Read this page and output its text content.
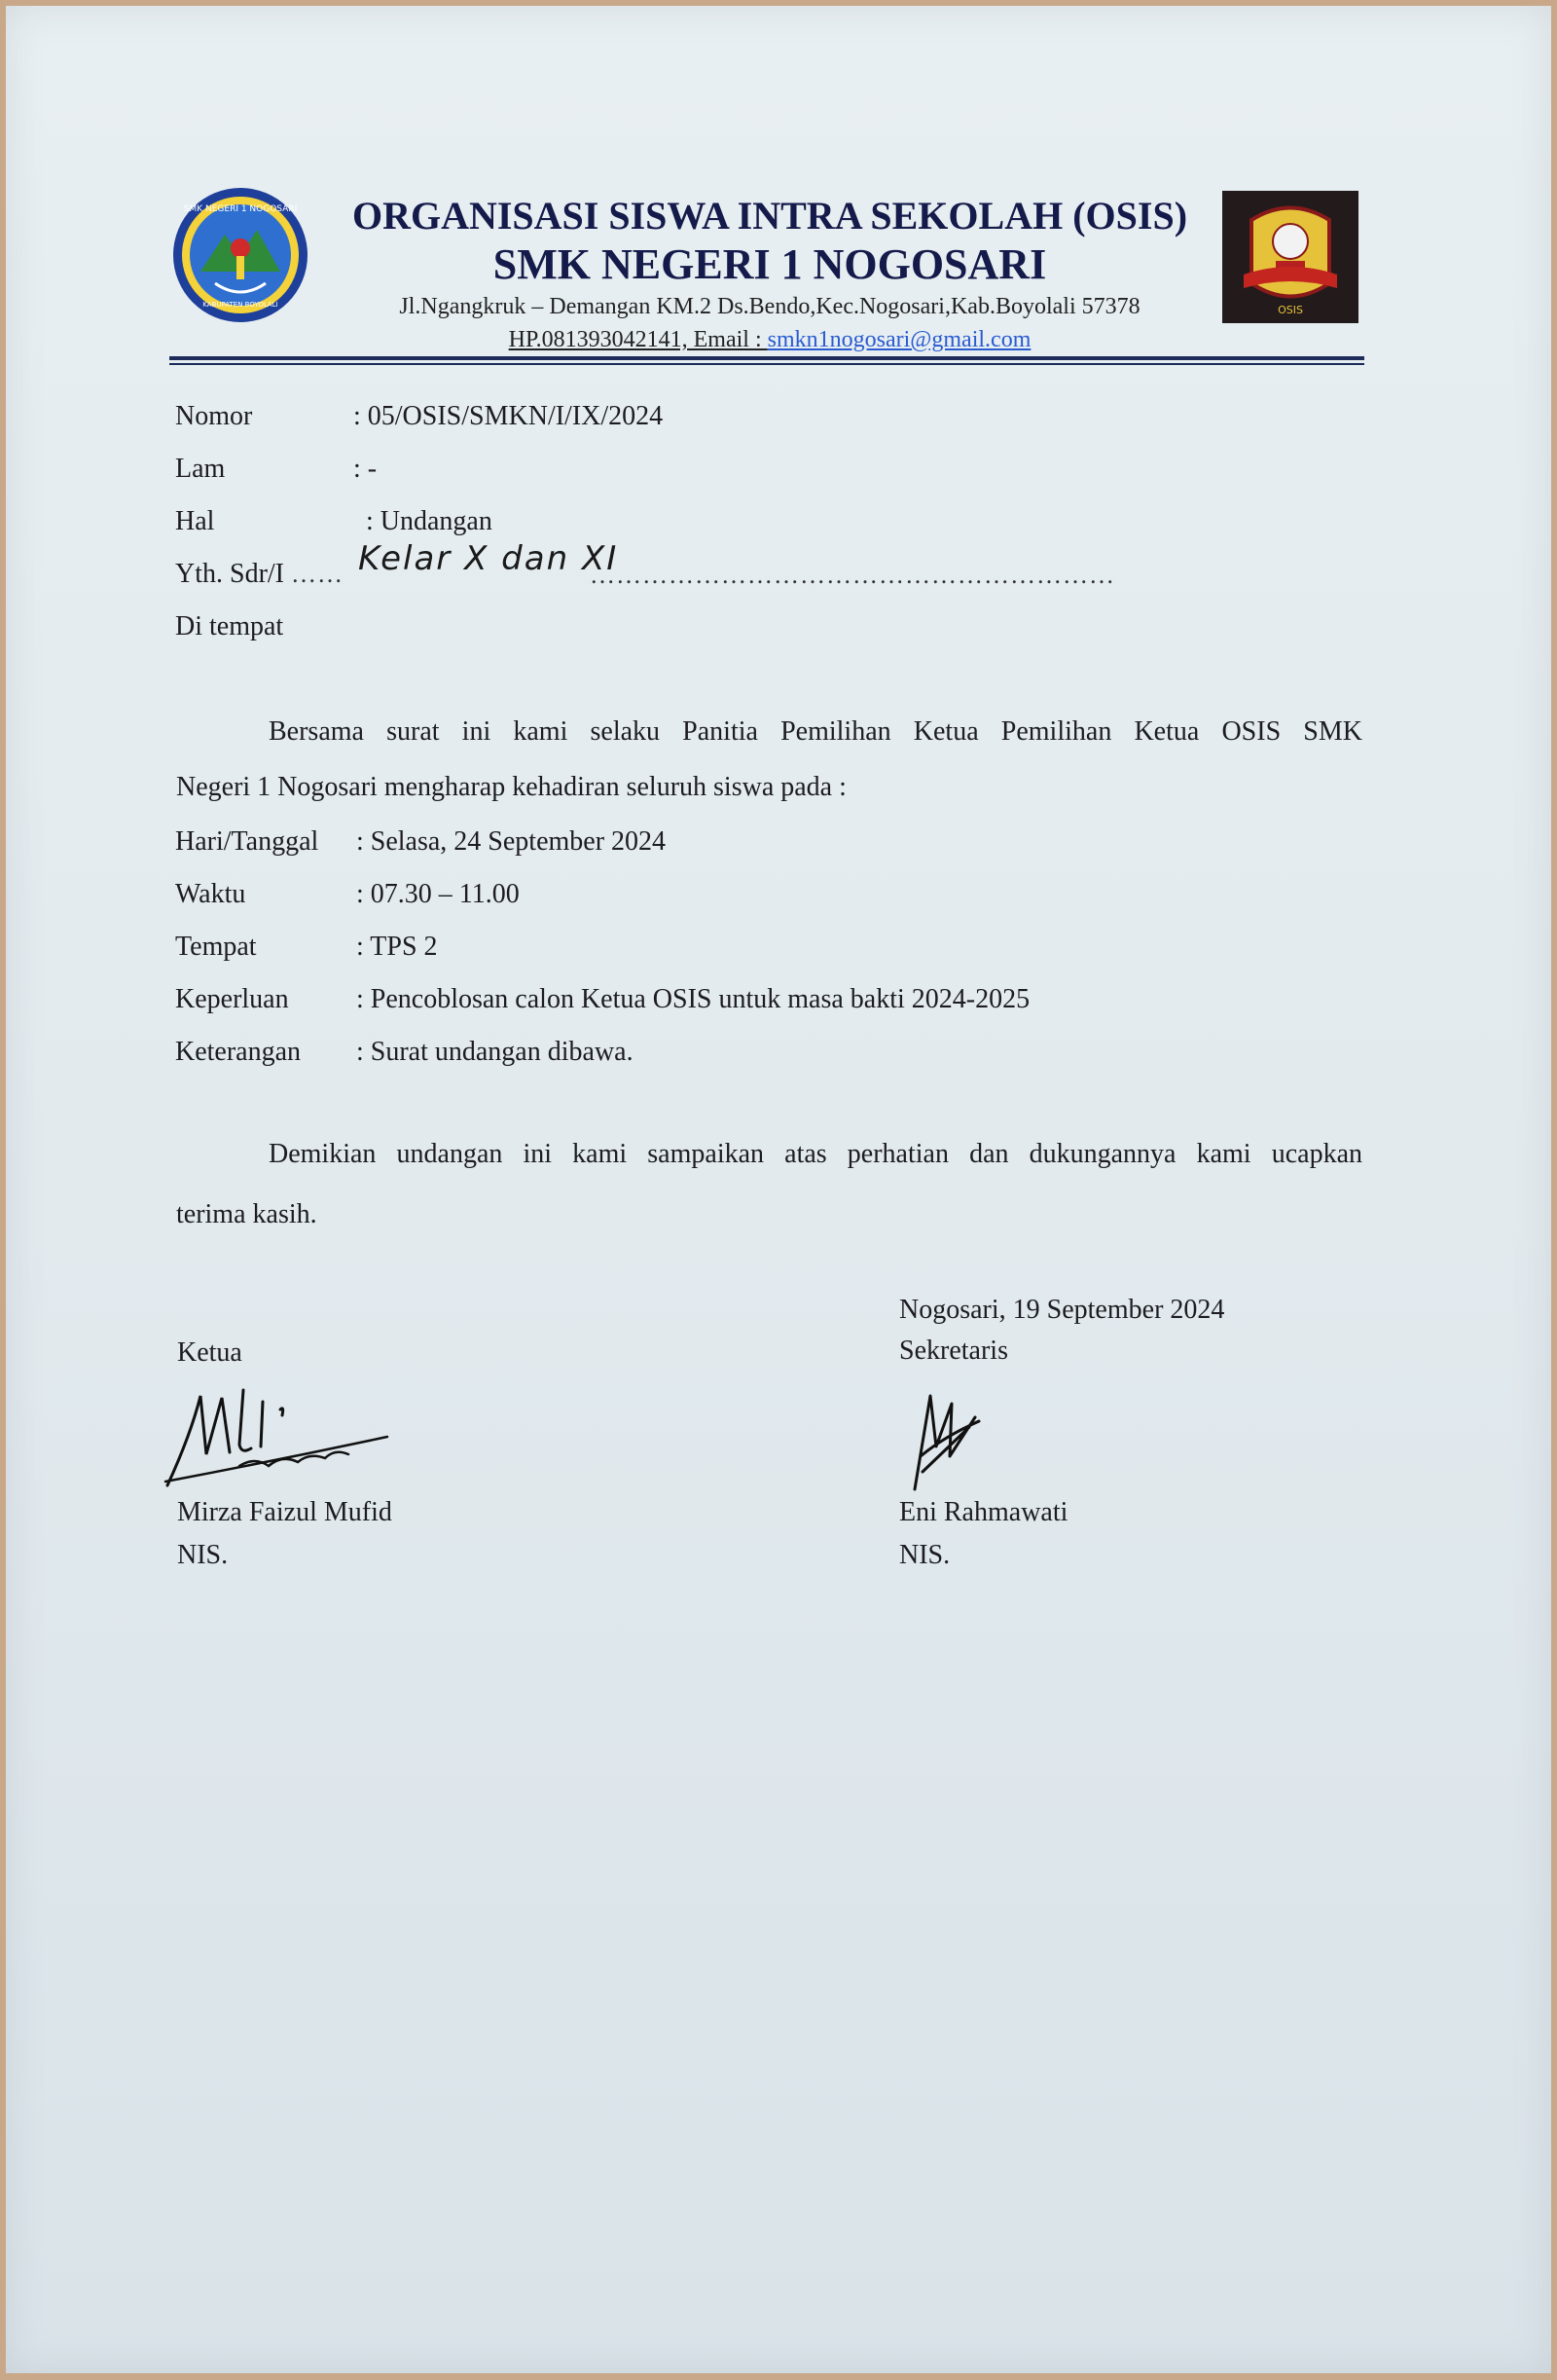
SMK NEGERI 1 NOGOSARI
KABUPATEN BOYOLALI	OSIS
ORGANISASI SISWA INTRA SEKOLAH (OSIS)
SMK NEGERI 1 NOGOSARI
Jl.Ngangkruk – Demangan KM.2 Ds.Bendo,Kec.Nogosari,Kab.Boyolali 57378
HP.081393042141, Email : smkn1nogosari@gmail.com
Nomor	: 05/OSIS/SMKN/I/IX/2024
Lam	: -
Hal	: Undangan
Yth. Sdr/I …… Kelar X dan XI
……………………………………………………
Di tempat
Bersama surat ini kami selaku Panitia Pemilihan Ketua Pemilihan Ketua OSIS SMK
Negeri 1 Nogosari mengharap kehadiran seluruh siswa pada :
Hari/Tanggal : Selasa, 24 September 2024
Waktu	: 07.30 – 11.00
Tempat	: TPS 2
Keperluan : Pencoblosan calon Ketua OSIS untuk masa bakti 2024-2025
Keterangan : Surat undangan dibawa.
Demikian undangan ini kami sampaikan atas perhatian dan dukungannya kami ucapkan
terima kasih.
Nogosari, 19 September 2024
Ketua	Sekretaris
Mirza Faizul Mufid
NIS.
Eni Rahmawati
NIS.
